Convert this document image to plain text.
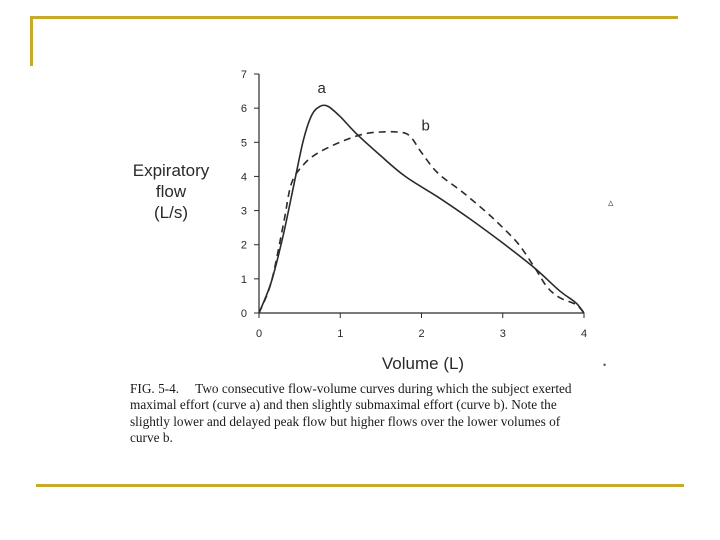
0
1
2
3
4
5
6
7
0	1	2	3	4
a
b
Expiratory
flow
(L/s)
Volume (L)
FIG. 5-4. Two consecutive flow-volume curves during which the subject exerted maximal effort (curve a) and then slightly submaximal effort (curve b). Note the slightly lower and delayed peak flow but higher flows over the lower volumes of curve b.
▵
•
